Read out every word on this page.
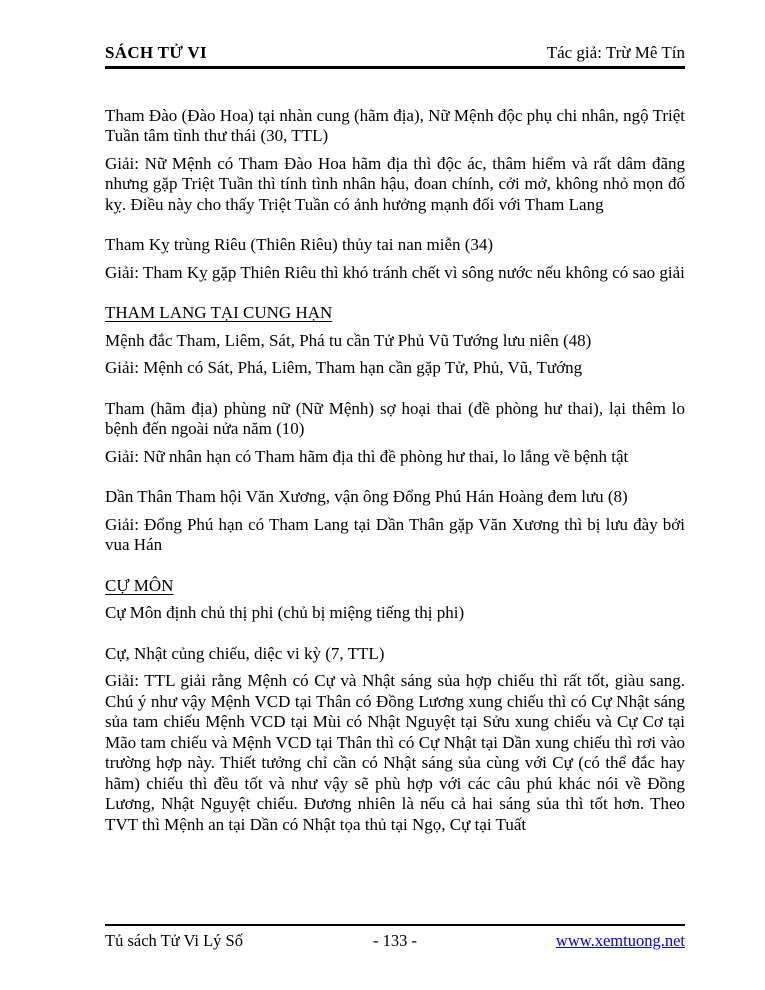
SÁCH TỬ VI	Tác giả: Trừ Mê Tín

Tham Đào (Đào Hoa) tại nhàn cung (hãm địa), Nữ Mệnh độc phụ chi nhân, ngộ Triệt Tuần tâm tình thư thái (30, TTL)

Giải: Nữ Mệnh có Tham Đào Hoa hãm địa thì độc ác, thâm hiểm và rất dâm đãng nhưng gặp Triệt Tuần thì tính tình nhân hậu, đoan chính, cởi mở, không nhỏ mọn đố kỵ. Điều này cho thấy Triệt Tuần có ảnh hưởng mạnh đối với Tham Lang

Tham Kỵ trùng Riêu (Thiên Riêu) thủy tai nan miễn (34)

Giải: Tham Kỵ gặp Thiên Riêu thì khó tránh chết vì sông nước nếu không có sao giải

THAM LANG TẠI CUNG HẠN

Mệnh đắc Tham, Liêm, Sát, Phá tu cần Tử Phủ Vũ Tướng lưu niên (48)

Giải: Mệnh có Sát, Phá, Liêm, Tham hạn cần gặp Tử, Phủ, Vũ, Tướng

Tham (hãm địa) phùng nữ (Nữ Mệnh) sợ hoại thai (đề phòng hư thai), lại thêm lo bệnh đến ngoài nửa năm (10)

Giải: Nữ nhân hạn có Tham hãm địa thì đề phòng hư thai, lo lắng về bệnh tật

Dần Thân Tham hội Văn Xương, vận ông Đổng Phú Hán Hoàng đem lưu (8)

Giải: Đổng Phú hạn có Tham Lang tại Dần Thân gặp Văn Xương thì bị lưu đày bởi vua Hán

CỰ MÔN

Cự Môn định chủ thị phi (chủ bị miệng tiếng thị phi)

Cự, Nhật củng chiếu, diệc vi kỳ (7, TTL)

Giải: TTL giải rằng Mệnh có Cự và Nhật sáng sủa hợp chiếu thì rất tốt, giàu sang. Chú ý như vậy Mệnh VCD tại Thân có Đồng Lương xung chiếu thì có Cự Nhật sáng sủa tam chiếu Mệnh VCD tại Mùi có Nhật Nguyệt tại Sửu xung chiếu và Cự Cơ tại Mão tam chiếu và Mệnh VCD tại Thân thì có Cự Nhật tại Dần xung chiếu thì rơi vào trường hợp này. Thiết tưởng chỉ cần có Nhật sáng sủa cùng với Cự (có thể đắc hay hãm) chiếu thì đều tốt và như vậy sẽ phù hợp với các câu phú khác nói về Đồng Lương, Nhật Nguyệt chiếu. Đương nhiên là nếu cả hai sáng sủa thì tốt hơn. Theo TVT thì Mệnh an tại Dần có Nhật tọa thủ tại Ngọ, Cự tại Tuất

Tủ sách Tử Vi Lý Số	- 133 -	www.xemtuong.net
